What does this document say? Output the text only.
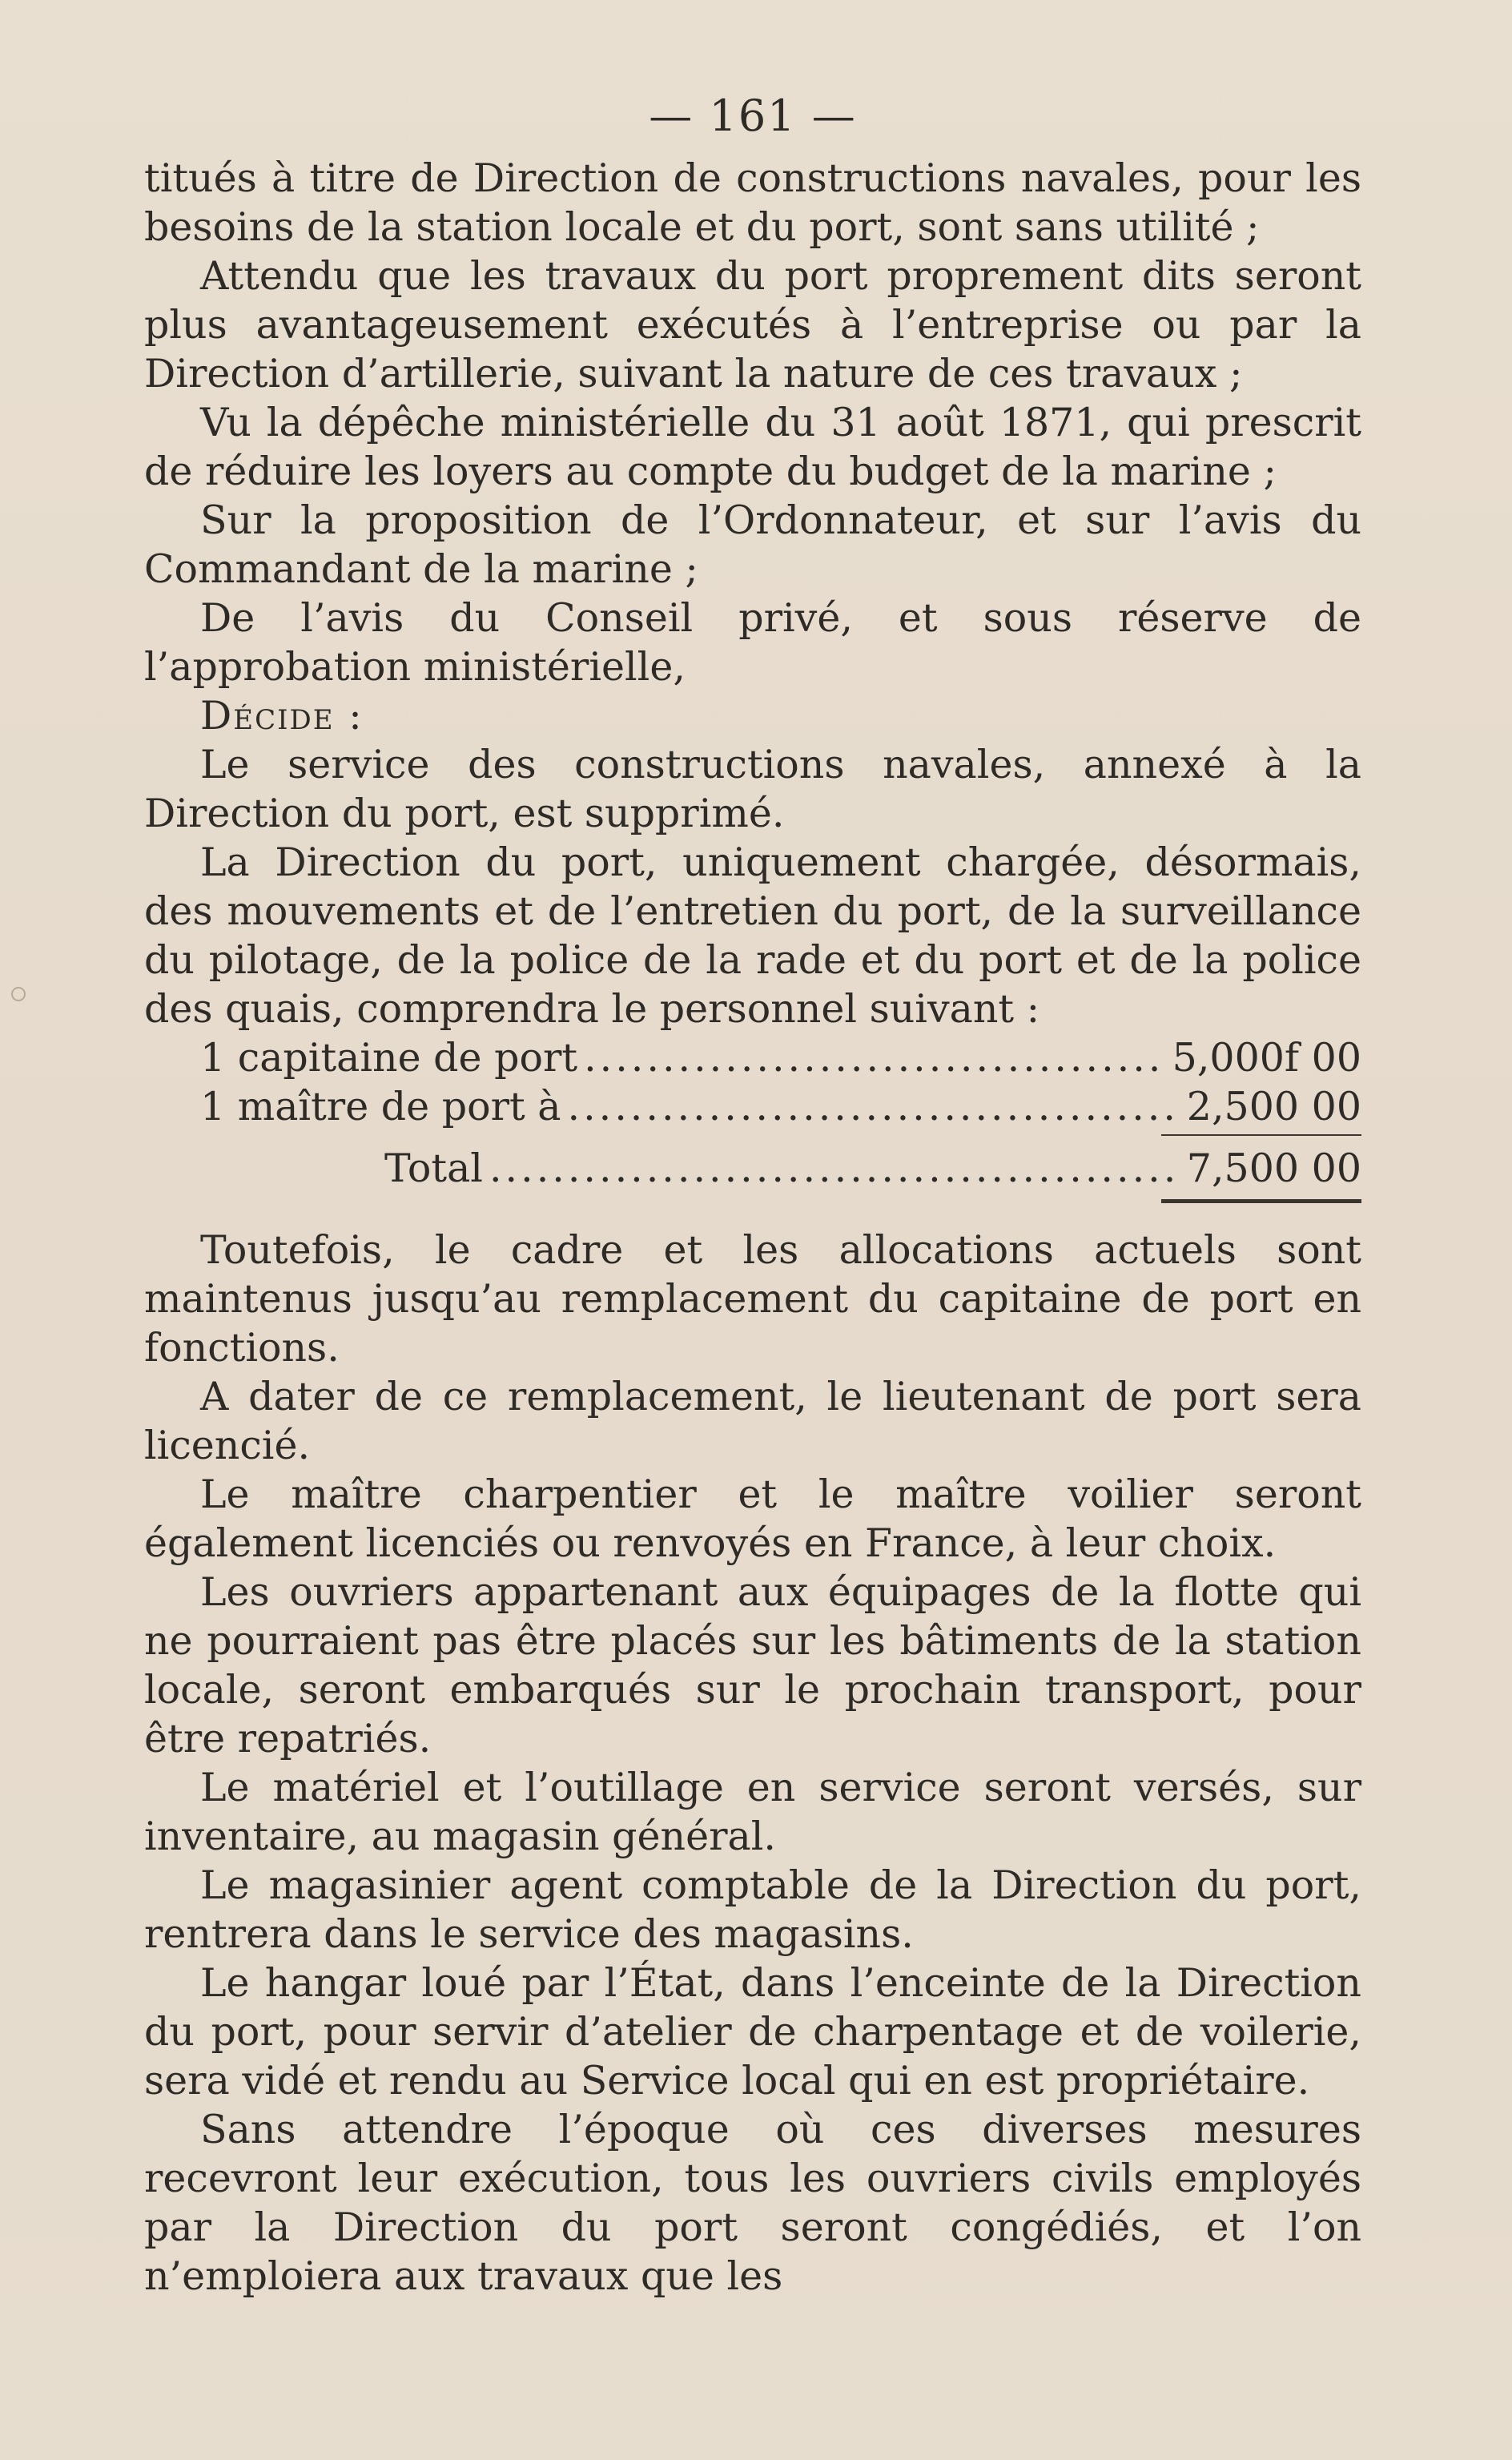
— 161 —

titués à titre de Direction de constructions navales, pour les besoins de la station locale et du port, sont sans utilité ;

Attendu que les travaux du port proprement dits seront plus avantageusement exécutés à l’entreprise ou par la Direction d’artillerie, suivant la nature de ces travaux ;

Vu la dépêche ministérielle du 31 août 1871, qui prescrit de réduire les loyers au compte du budget de la marine ;

Sur la proposition de l’Ordonnateur, et sur l’avis du Commandant de la marine ;

De l’avis du Conseil privé, et sous réserve de l’approbation ministérielle,

Décide :

Le service des constructions navales, annexé à la Direction du port, est supprimé.

La Direction du port, uniquement chargée, désormais, des mouvements et de l’entretien du port, de la surveillance du pilotage, de la police de la rade et du port et de la police des quais, comprendra le personnel suivant :

1 capitaine de port .....	5,000f 00
1 maître de port à .....	2,500 00
Total .....	7,500 00

Toutefois, le cadre et les allocations actuels sont maintenus jusqu’au remplacement du capitaine de port en fonctions.

A dater de ce remplacement, le lieutenant de port sera licencié.

Le maître charpentier et le maître voilier seront également licenciés ou renvoyés en France, à leur choix.

Les ouvriers appartenant aux équipages de la flotte qui ne pourraient pas être placés sur les bâtiments de la station locale, seront embarqués sur le prochain transport, pour être repatriés.

Le matériel et l’outillage en service seront versés, sur inventaire, au magasin général.

Le magasinier agent comptable de la Direction du port, rentrera dans le service des magasins.

Le hangar loué par l’État, dans l’enceinte de la Direction du port, pour servir d’atelier de charpentage et de voilerie, sera vidé et rendu au Service local qui en est propriétaire.

Sans attendre l’époque où ces diverses mesures recevront leur exécution, tous les ouvriers civils employés par la Direction du port seront congédiés, et l’on n’emploiera aux travaux que les
